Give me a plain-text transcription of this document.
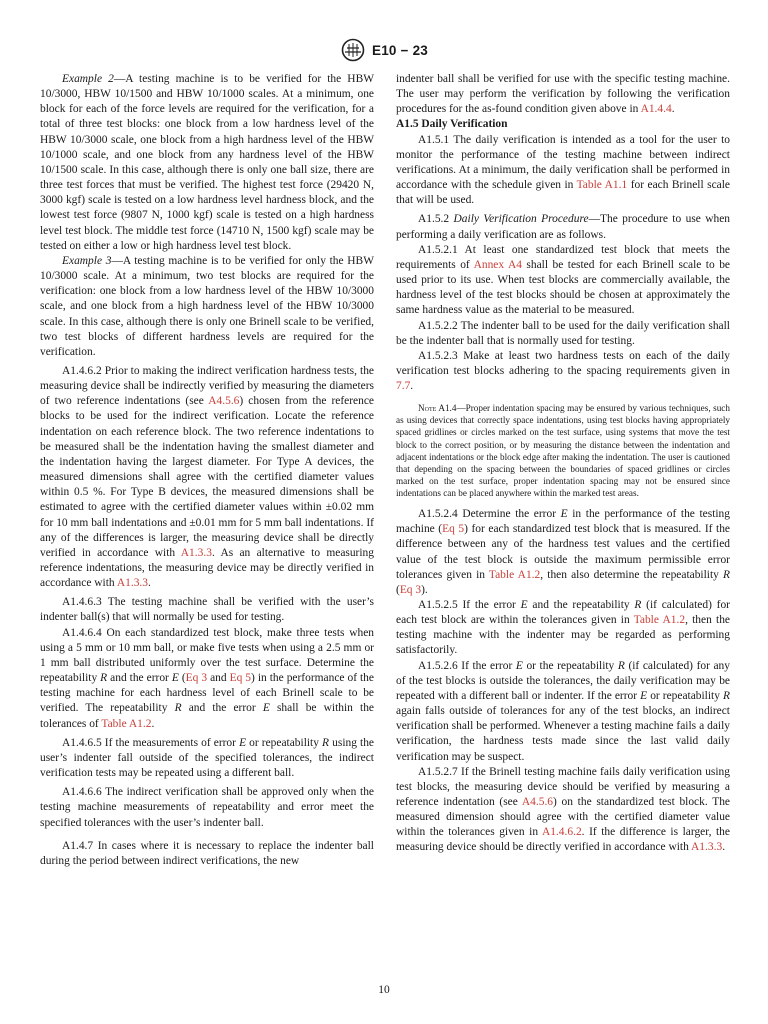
E10 − 23

Example 2—A testing machine is to be verified for the HBW 10/3000, HBW 10/1500 and HBW 10/1000 scales. At a minimum, one block for each of the force levels are required for the verification, for a total of three test blocks: one block from a low hardness level of the HBW 10/3000 scale, one block from a high hardness level of the HBW 10/1000 scale, and one block from any hardness level of the HBW 10/1500 scale. In this case, although there is only one ball size, there are three test forces that must be verified. The highest test force (29420 N, 3000 kgf) scale is tested on a low hardness level hardness block, and the lowest test force (9807 N, 1000 kgf) scale is tested on a high hardness level test block. The middle test force (14710 N, 1500 kgf) scale may be tested on either a low or high hardness level test block.

Example 3—A testing machine is to be verified for only the HBW 10/3000 scale. At a minimum, two test blocks are required for the verification: one block from a low hardness level of the HBW 10/3000 scale, and one block from a high hardness level of the HBW 10/3000 scale. In this case, although there is only one Brinell scale to be verified, two test blocks of different hardness levels are required for the verification.

A1.4.6.2 Prior to making the indirect verification hardness tests, the measuring device shall be indirectly verified by measuring the diameters of two reference indentations (see A4.5.6) chosen from the reference blocks to be used for the indirect verification. Locate the reference indentation on each reference block. The two reference indentations to be measured shall be the indentation having the smallest diameter and the indentation having the largest diameter. For Type A devices, the measured dimensions shall agree with the certified diameter values within 0.5 %. For Type B devices, the measured dimensions shall be estimated to agree with the certified diameter values within ±0.02 mm for 10 mm ball indentations and ±0.01 mm for 5 mm ball indentations. If any of the differences is larger, the measuring device shall be directly verified in accordance with A1.3.3. As an alternative to measuring reference indentations, the measuring device may be directly verified in accordance with A1.3.3.

A1.4.6.3 The testing machine shall be verified with the user’s indenter ball(s) that will normally be used for testing.

A1.4.6.4 On each standardized test block, make three tests when using a 5 mm or 10 mm ball, or make five tests when using a 2.5 mm or 1 mm ball distributed uniformly over the test surface. Determine the repeatability R and the error E (Eq 3 and Eq 5) in the performance of the testing machine for each hardness level of each Brinell scale to be verified. The repeatability R and the error E shall be within the tolerances of Table A1.2.

A1.4.6.5 If the measurements of error E or repeatability R using the user’s indenter fall outside of the specified tolerances, the indirect verification tests may be repeated using a different ball.

A1.4.6.6 The indirect verification shall be approved only when the testing machine measurements of repeatability and error meet the specified tolerances with the user’s indenter ball.

A1.4.7 In cases where it is necessary to replace the indenter ball during the period between indirect verifications, the new

indenter ball shall be verified for use with the specific testing machine. The user may perform the verification by following the verification procedures for the as-found condition given above in A1.4.4.

A1.5 Daily Verification

A1.5.1 The daily verification is intended as a tool for the user to monitor the performance of the testing machine between indirect verifications. At a minimum, the daily verification shall be performed in accordance with the schedule given in Table A1.1 for each Brinell scale that will be used.

A1.5.2 Daily Verification Procedure—The procedure to use when performing a daily verification are as follows.

A1.5.2.1 At least one standardized test block that meets the requirements of Annex A4 shall be tested for each Brinell scale to be used prior to its use. When test blocks are commercially available, the hardness level of the test blocks should be chosen at approximately the same hardness value as the material to be measured.

A1.5.2.2 The indenter ball to be used for the daily verification shall be the indenter ball that is normally used for testing.

A1.5.2.3 Make at least two hardness tests on each of the daily verification test blocks adhering to the spacing requirements given in 7.7.

Note A1.4—Proper indentation spacing may be ensured by various techniques, such as using devices that correctly space indentations, using test blocks having appropriately spaced gridlines or circles marked on the test surface, using systems that move the test block to the correct position, or by measuring the distance between the indentation and adjacent indentations or the block edge after making the indentation. The user is cautioned that depending on the spacing between the boundaries of spaced gridlines or circles marked on the test surface, proper indentation spacing may not be ensured since indentations can be placed anywhere within the marked test areas.

A1.5.2.4 Determine the error E in the performance of the testing machine (Eq 5) for each standardized test block that is measured. If the difference between any of the hardness test values and the certified value of the test block is outside the maximum permissible error tolerances given in Table A1.2, then also determine the repeatability R (Eq 3).

A1.5.2.5 If the error E and the repeatability R (if calculated) for each test block are within the tolerances given in Table A1.2, then the testing machine with the indenter may be regarded as performing satisfactorily.

A1.5.2.6 If the error E or the repeatability R (if calculated) for any of the test blocks is outside the tolerances, the daily verification may be repeated with a different ball or indenter. If the error E or repeatability R again falls outside of tolerances for any of the test blocks, an indirect verification shall be performed. Whenever a testing machine fails a daily verification, the hardness tests made since the last valid daily verification may be suspect.

A1.5.2.7 If the Brinell testing machine fails daily verification using test blocks, the measuring device should be verified by measuring a reference indentation (see A4.5.6) on the standardized test block. The measured dimension should agree with the certified diameter value within the tolerances given in A1.4.6.2. If the difference is larger, the measuring device should be directly verified in accordance with A1.3.3.

10
